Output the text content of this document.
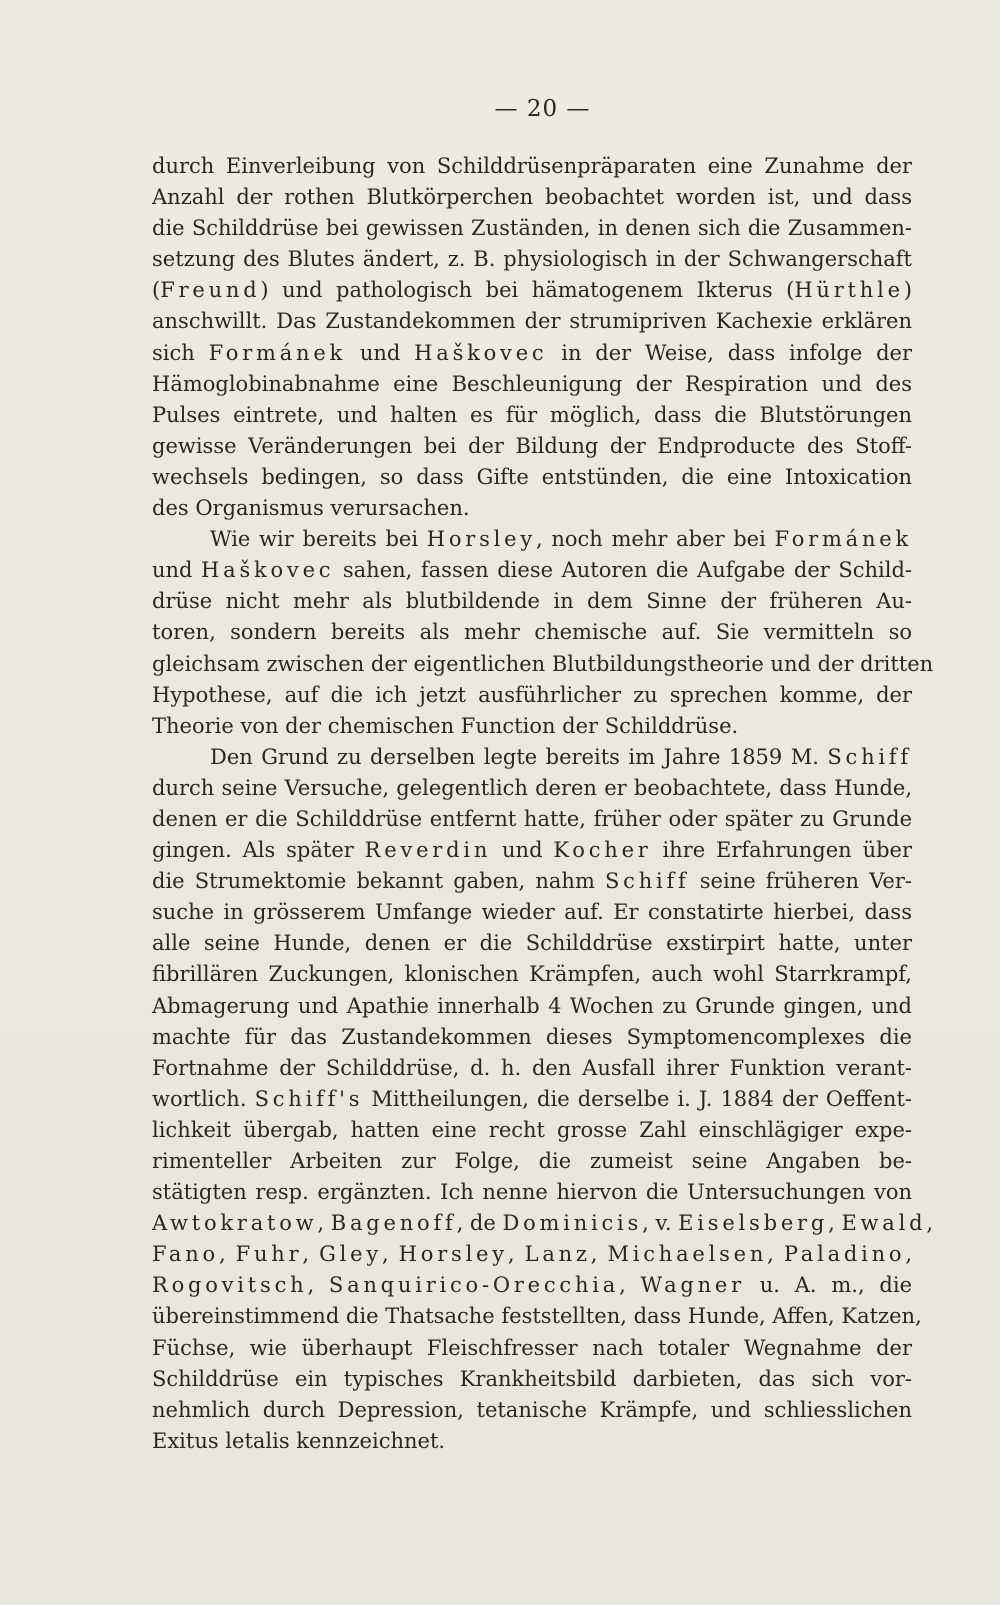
— 20 —
durch Einverleibung von Schilddrüsenpräparaten eine Zunahme der
Anzahl der rothen Blutkörperchen beobachtet worden ist, und dass
die Schilddrüse bei gewissen Zuständen, in denen sich die Zusammen-
setzung des Blutes ändert, z. B. physiologisch in der Schwangerschaft
(Freund) und pathologisch bei hämatogenem Ikterus (Hürthle)
anschwillt. Das Zustandekommen der strumipriven Kachexie erklären
sich Formánek und Haškovec in der Weise, dass infolge der
Hämoglobinabnahme eine Beschleunigung der Respiration und des
Pulses eintrete, und halten es für möglich, dass die Blutstörungen
gewisse Veränderungen bei der Bildung der Endproducte des Stoff-
wechsels bedingen, so dass Gifte entstünden, die eine Intoxication
des Organismus verursachen.
Wie wir bereits bei Horsley, noch mehr aber bei Formánek
und Haškovec sahen, fassen diese Autoren die Aufgabe der Schild-
drüse nicht mehr als blutbildende in dem Sinne der früheren Au-
toren, sondern bereits als mehr chemische auf. Sie vermitteln so
gleichsam zwischen der eigentlichen Blutbildungstheorie und der dritten
Hypothese, auf die ich jetzt ausführlicher zu sprechen komme, der
Theorie von der chemischen Function der Schilddrüse.
Den Grund zu derselben legte bereits im Jahre 1859 M. Schiff
durch seine Versuche, gelegentlich deren er beobachtete, dass Hunde,
denen er die Schilddrüse entfernt hatte, früher oder später zu Grunde
gingen. Als später Reverdin und Kocher ihre Erfahrungen über
die Strumektomie bekannt gaben, nahm Schiff seine früheren Ver-
suche in grösserem Umfange wieder auf. Er constatirte hierbei, dass
alle seine Hunde, denen er die Schilddrüse exstirpirt hatte, unter
fibrillären Zuckungen, klonischen Krämpfen, auch wohl Starrkrampf,
Abmagerung und Apathie innerhalb 4 Wochen zu Grunde gingen, und
machte für das Zustandekommen dieses Symptomencomplexes die
Fortnahme der Schilddrüse, d. h. den Ausfall ihrer Funktion verant-
wortlich. Schiff's Mittheilungen, die derselbe i. J. 1884 der Oeffent-
lichkeit übergab, hatten eine recht grosse Zahl einschlägiger expe-
rimenteller Arbeiten zur Folge, die zumeist seine Angaben be-
stätigten resp. ergänzten. Ich nenne hiervon die Untersuchungen von
Awtokratow, Bagenoff, de Dominicis, v. Eiselsberg, Ewald,
Fano, Fuhr, Gley, Horsley, Lanz, Michaelsen, Paladino,
Rogovitsch, Sanquirico-Orecchia, Wagner u. A. m., die
übereinstimmend die Thatsache feststellten, dass Hunde, Affen, Katzen,
Füchse, wie überhaupt Fleischfresser nach totaler Wegnahme der
Schilddrüse ein typisches Krankheitsbild darbieten, das sich vor-
nehmlich durch Depression, tetanische Krämpfe, und schliesslichen
Exitus letalis kennzeichnet.
